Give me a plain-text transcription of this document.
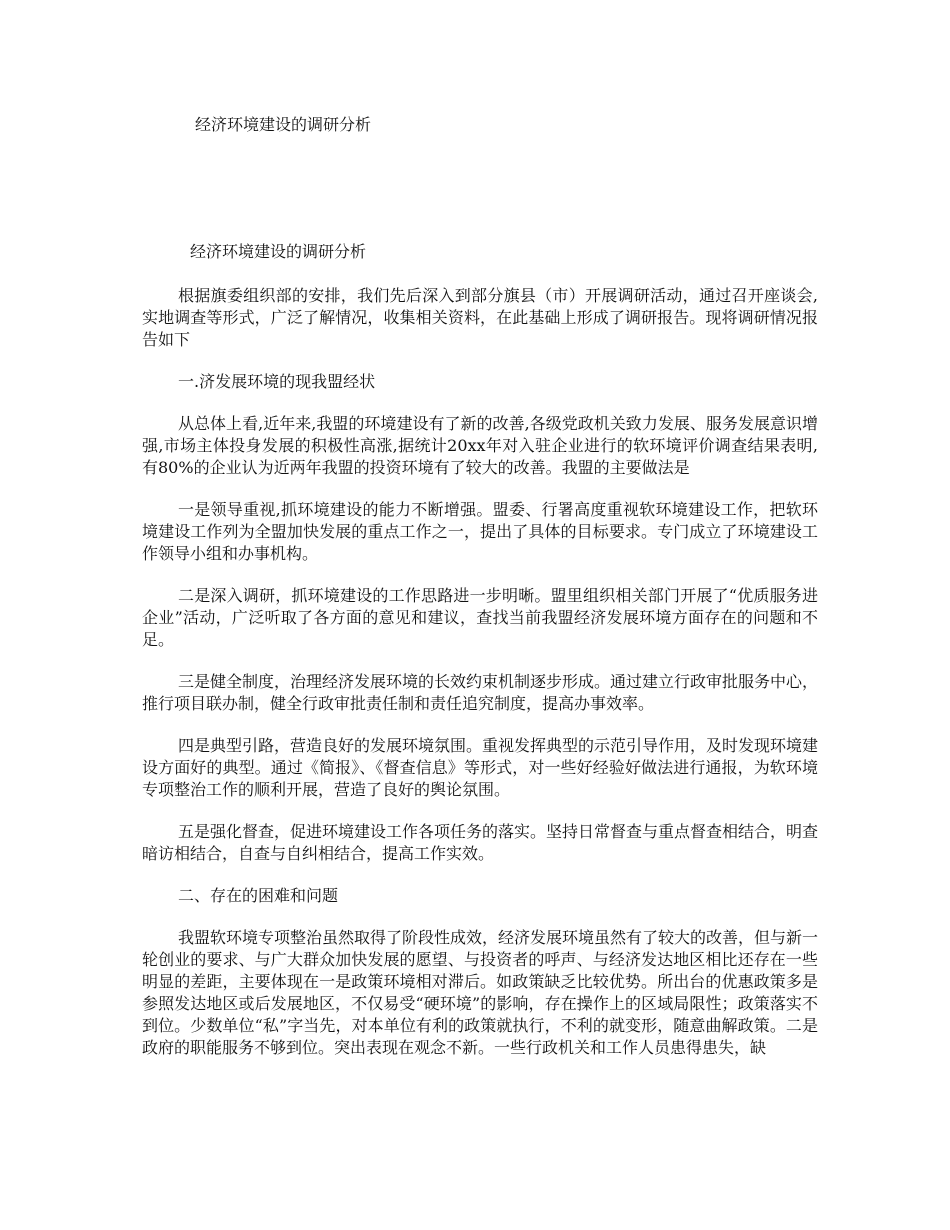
经济环境建设的调研分析
经济环境建设的调研分析

根据旗委组织部的安排，我们先后深入到部分旗县（市）开展调研活动，通过召开座谈会,实地调查等形式，广泛了解情况，收集相关资料，在此基础上形成了调研报告。现将调研情况报告如下

一.济发展环境的现我盟经状

从总体上看,近年来,我盟的环境建设有了新的改善,各级党政机关致力发展、服务发展意识增强,市场主体投身发展的积极性高涨,据统计20xx年对入驻企业进行的软环境评价调查结果表明,有80%的企业认为近两年我盟的投资环境有了较大的改善。我盟的主要做法是

一是领导重视,抓环境建设的能力不断增强。盟委、行署高度重视软环境建设工作，把软环境建设工作列为全盟加快发展的重点工作之一，提出了具体的目标要求。专门成立了环境建设工作领导小组和办事机构。

二是深入调研，抓环境建设的工作思路进一步明晰。盟里组织相关部门开展了“优质服务进企业”活动，广泛听取了各方面的意见和建议，查找当前我盟经济发展环境方面存在的问题和不足。

三是健全制度，治理经济发展环境的长效约束机制逐步形成。通过建立行政审批服务中心，推行项目联办制，健全行政审批责任制和责任追究制度，提高办事效率。

四是典型引路，营造良好的发展环境氛围。重视发挥典型的示范引导作用，及时发现环境建设方面好的典型。通过《简报》、《督查信息》等形式，对一些好经验好做法进行通报，为软环境专项整治工作的顺利开展，营造了良好的舆论氛围。

五是强化督查，促进环境建设工作各项任务的落实。坚持日常督查与重点督查相结合，明查暗访相结合，自查与自纠相结合，提高工作实效。

二、存在的困难和问题

我盟软环境专项整治虽然取得了阶段性成效，经济发展环境虽然有了较大的改善，但与新一轮创业的要求、与广大群众加快发展的愿望、与投资者的呼声、与经济发达地区相比还存在一些明显的差距，主要体现在一是政策环境相对滞后。如政策缺乏比较优势。所出台的优惠政策多是参照发达地区或后发展地区，不仅易受“硬环境”的影响，存在操作上的区域局限性；政策落实不到位。少数单位“私”字当先，对本单位有利的政策就执行，不利的就变形，随意曲解政策。二是政府的职能服务不够到位。突出表现在观念不新。一些行政机关和工作人员患得患失，缺
